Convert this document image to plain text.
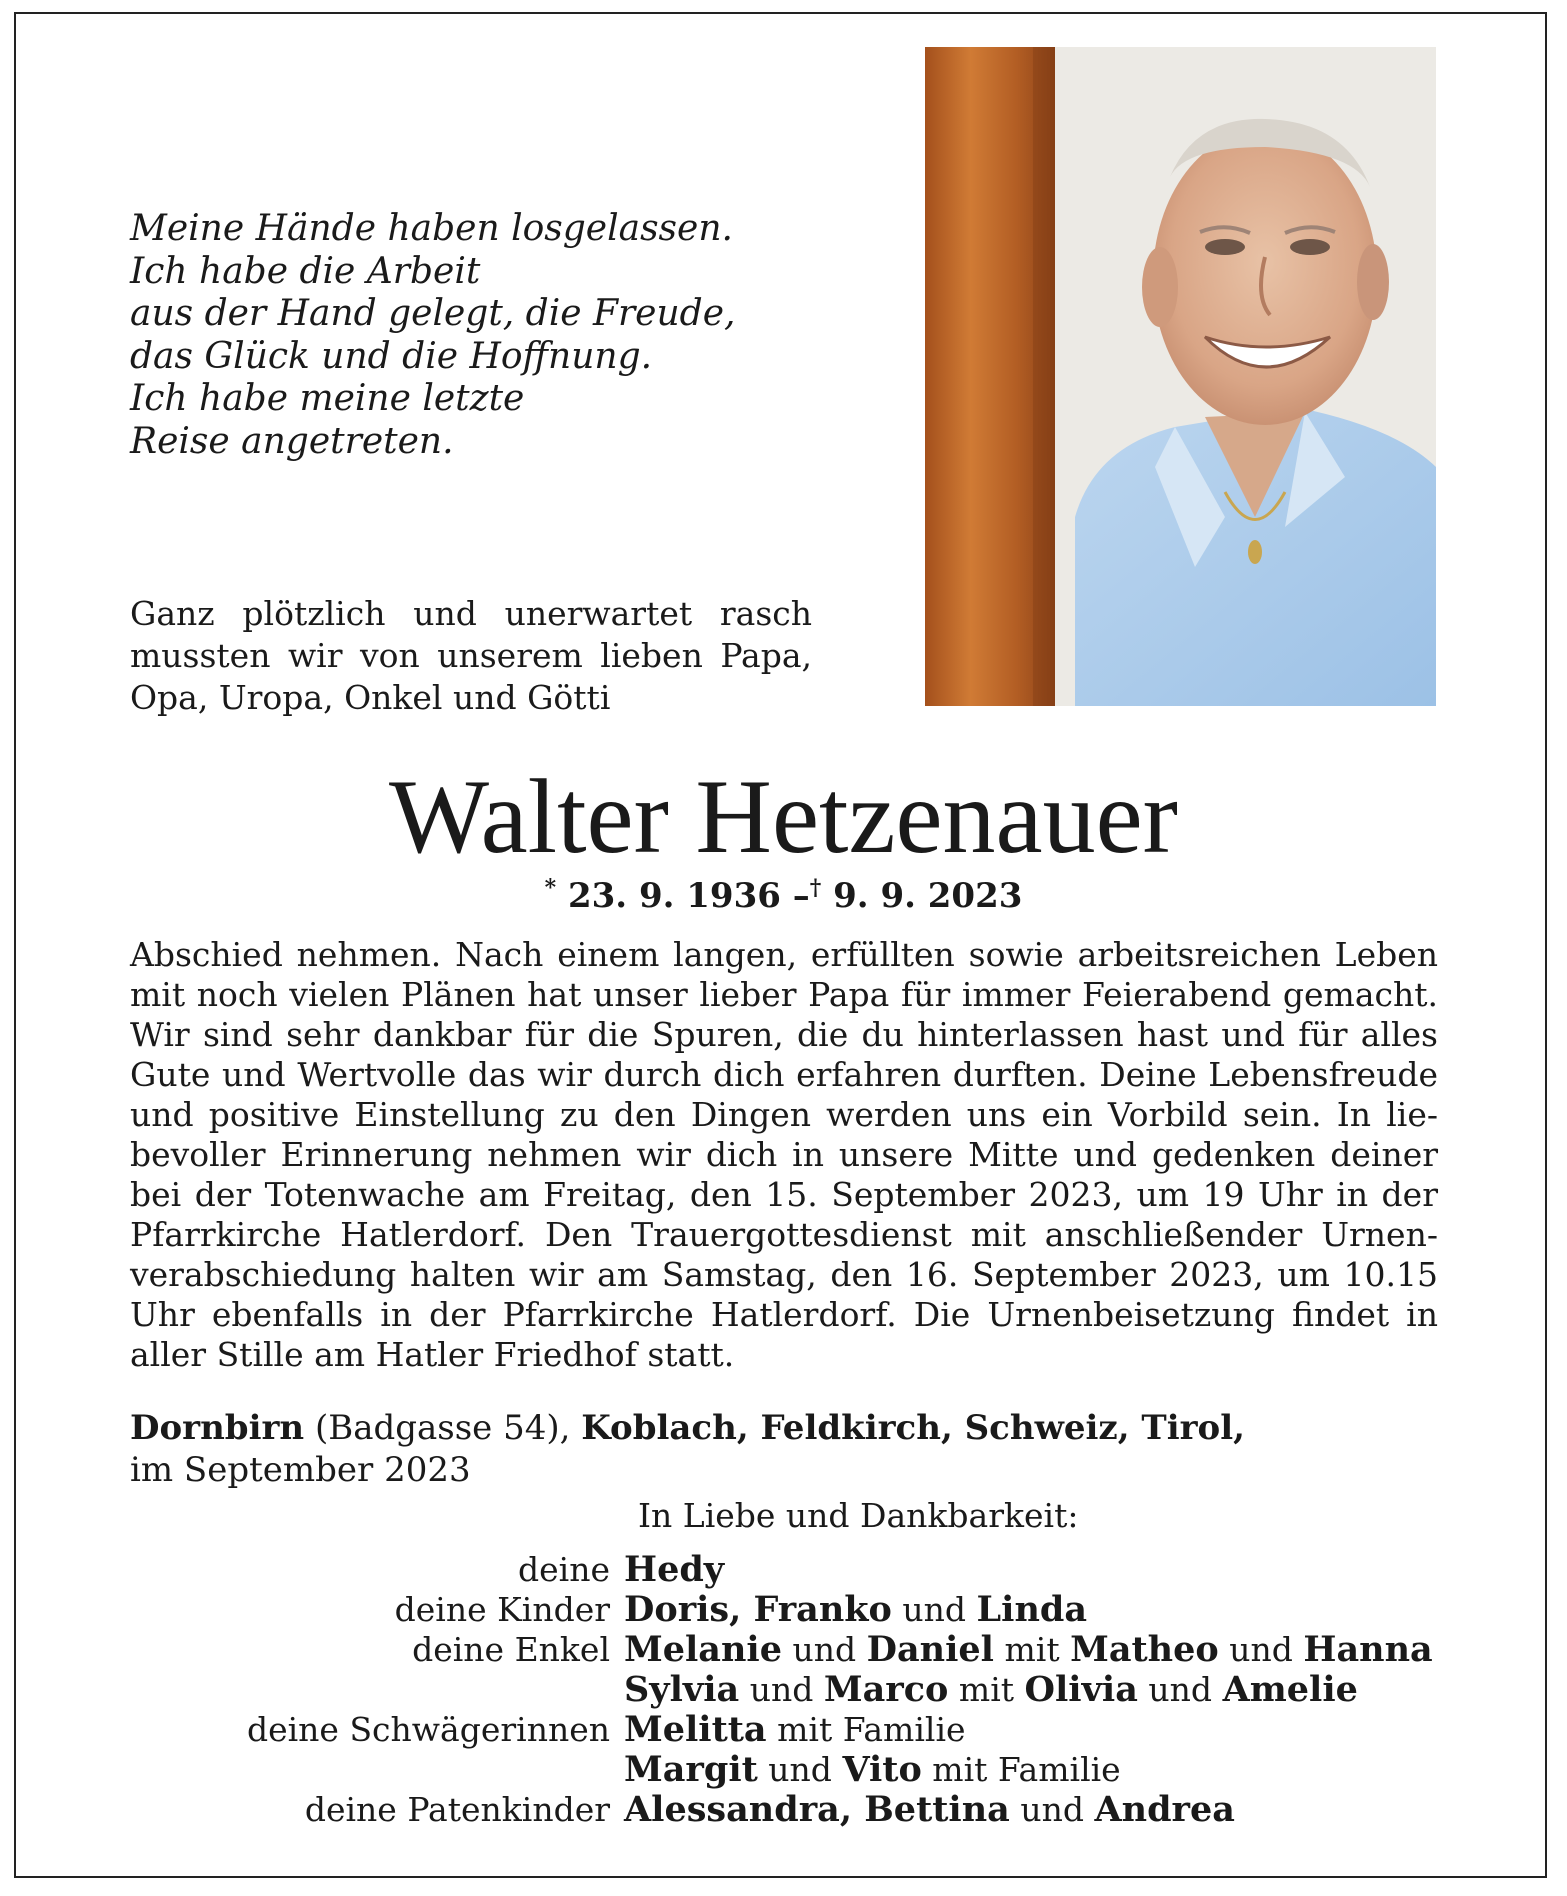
Meine Hände haben losgelassen.
Ich habe die Arbeit
aus der Hand gelegt, die Freude,
das Glück und die Hoffnung.
Ich habe meine letzte
Reise angetreten.
Ganz plötzlich und unerwartet rasch
mussten wir von unserem lieben Papa,
Opa, Uropa, Onkel und Götti
Walter Hetzenauer
* 23. 9. 1936 –† 9. 9. 2023
Abschied nehmen. Nach einem langen, erfüllten sowie arbeitsreichen Leben
mit noch vielen Plänen hat unser lieber Papa für immer Feierabend gemacht.
Wir sind sehr dankbar für die Spuren, die du hinterlassen hast und für alles
Gute und Wertvolle das wir durch dich erfahren durften. Deine Lebensfreude
und positive Einstellung zu den Dingen werden uns ein Vorbild sein. In lie-
bevoller Erinnerung nehmen wir dich in unsere Mitte und gedenken deiner
bei der Totenwache am Freitag, den 15. September 2023, um 19 Uhr in der
Pfarrkirche Hatlerdorf. Den Trauergottesdienst mit anschließender Urnen-
verabschiedung halten wir am Samstag, den 16. September 2023, um 10.15
Uhr ebenfalls in der Pfarrkirche Hatlerdorf. Die Urnenbeisetzung findet in
aller Stille am Hatler Friedhof statt.
Dornbirn (Badgasse 54), Koblach, Feldkirch, Schweiz, Tirol,
im September 2023
In Liebe und Dankbarkeit:
deine Hedy
deine Kinder Doris, Franko und Linda
deine Enkel Melanie und Daniel mit Matheo und Hanna
Sylvia und Marco mit Olivia und Amelie
deine Schwägerinnen Melitta mit Familie
Margit und Vito mit Familie
deine Patenkinder Alessandra, Bettina und Andrea
